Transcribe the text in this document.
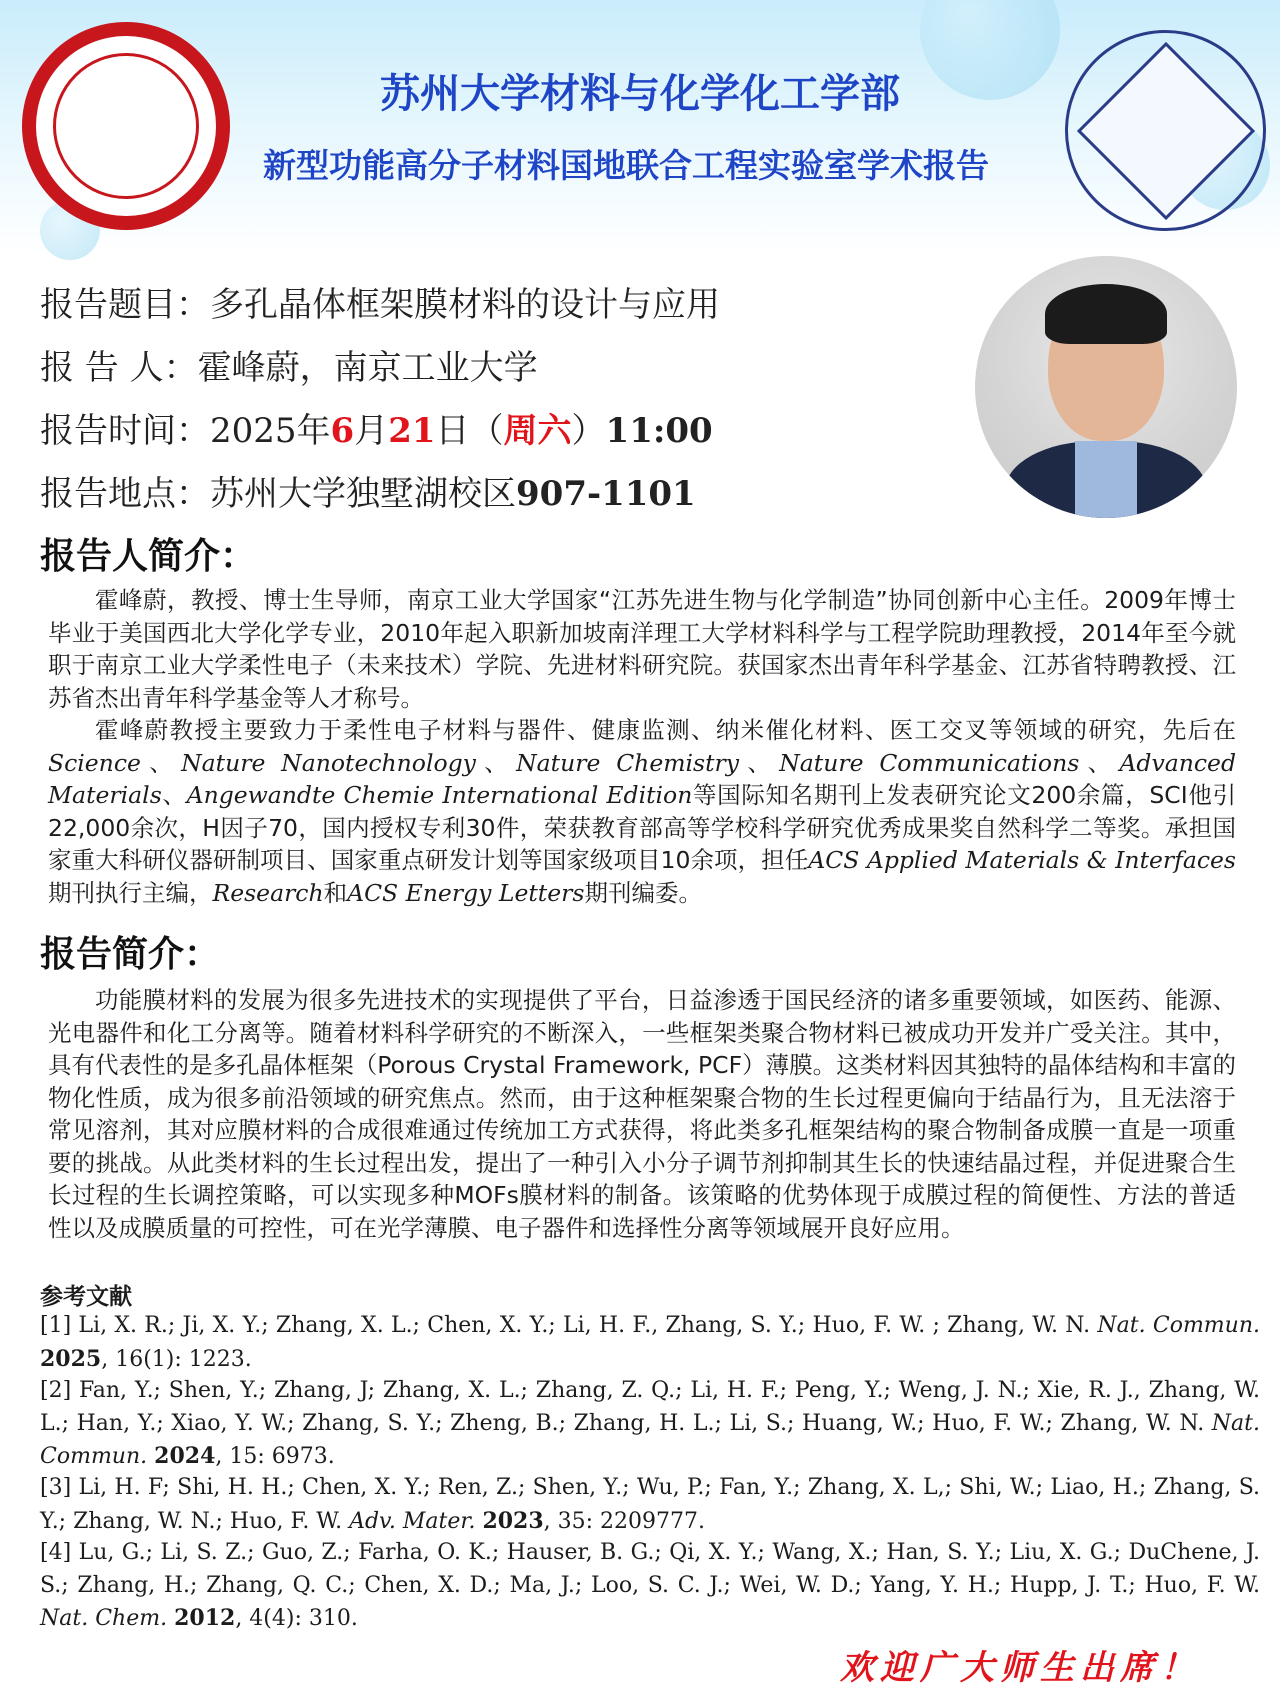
苏州大学材料与化学化工学部
新型功能高分子材料国地联合工程实验室学术报告
报告题目：多孔晶体框架膜材料的设计与应用
报 告 人：霍峰蔚，南京工业大学
报告时间：2025年6月21日（周六）11:00
报告地点：苏州大学独墅湖校区907-1101
报告人简介：
霍峰蔚，教授、博士生导师，南京工业大学国家“江苏先进生物与化学制造”协同创新中心主任。2009年博士毕业于美国西北大学化学专业，2010年起入职新加坡南洋理工大学材料科学与工程学院助理教授，2014年至今就职于南京工业大学柔性电子（未来技术）学院、先进材料研究院。获国家杰出青年科学基金、江苏省特聘教授、江苏省杰出青年科学基金等人才称号。
霍峰蔚教授主要致力于柔性电子材料与器件、健康监测、纳米催化材料、医工交叉等领域的研究，先后在Science、Nature Nanotechnology、Nature Chemistry、Nature Communications、Advanced Materials、Angewandte Chemie International Edition等国际知名期刊上发表研究论文200余篇，SCI他引22,000余次，H因子70，国内授权专利30件，荣获教育部高等学校科学研究优秀成果奖自然科学二等奖。承担国家重大科研仪器研制项目、国家重点研发计划等国家级项目10余项，担任ACS Applied Materials & Interfaces期刊执行主编，Research和ACS Energy Letters期刊编委。
报告简介：
功能膜材料的发展为很多先进技术的实现提供了平台，日益渗透于国民经济的诸多重要领域，如医药、能源、光电器件和化工分离等。随着材料科学研究的不断深入，一些框架类聚合物材料已被成功开发并广受关注。其中，具有代表性的是多孔晶体框架（Porous Crystal Framework, PCF）薄膜。这类材料因其独特的晶体结构和丰富的物化性质，成为很多前沿领域的研究焦点。然而，由于这种框架聚合物的生长过程更偏向于结晶行为，且无法溶于常见溶剂，其对应膜材料的合成很难通过传统加工方式获得，将此类多孔框架结构的聚合物制备成膜一直是一项重要的挑战。从此类材料的生长过程出发，提出了一种引入小分子调节剂抑制其生长的快速结晶过程，并促进聚合生长过程的生长调控策略，可以实现多种MOFs膜材料的制备。该策略的优势体现于成膜过程的简便性、方法的普适性以及成膜质量的可控性，可在光学薄膜、电子器件和选择性分离等领域展开良好应用。
参考文献
[1] Li, X. R.; Ji, X. Y.; Zhang, X. L.; Chen, X. Y.; Li, H. F., Zhang, S. Y.; Huo, F. W. ; Zhang, W. N. Nat. Commun. 2025, 16(1): 1223.
[2] Fan, Y.; Shen, Y.; Zhang, J; Zhang, X. L.; Zhang, Z. Q.; Li, H. F.; Peng, Y.; Weng, J. N.; Xie, R. J., Zhang, W. L.; Han, Y.; Xiao, Y. W.; Zhang, S. Y.; Zheng, B.; Zhang, H. L.; Li, S.; Huang, W.; Huo, F. W.; Zhang, W. N. Nat. Commun. 2024, 15: 6973.
[3] Li, H. F; Shi, H. H.; Chen, X. Y.; Ren, Z.; Shen, Y.; Wu, P.; Fan, Y.; Zhang, X. L,; Shi, W.; Liao, H.; Zhang, S. Y.; Zhang, W. N.; Huo, F. W. Adv. Mater. 2023, 35: 2209777.
[4] Lu, G.; Li, S. Z.; Guo, Z.; Farha, O. K.; Hauser, B. G.; Qi, X. Y.; Wang, X.; Han, S. Y.; Liu, X. G.; DuChene, J. S.; Zhang, H.; Zhang, Q. C.; Chen, X. D.; Ma, J.; Loo, S. C. J.; Wei, W. D.; Yang, Y. H.; Hupp, J. T.; Huo, F. W. Nat. Chem. 2012, 4(4): 310.
欢迎广大师生出席！
